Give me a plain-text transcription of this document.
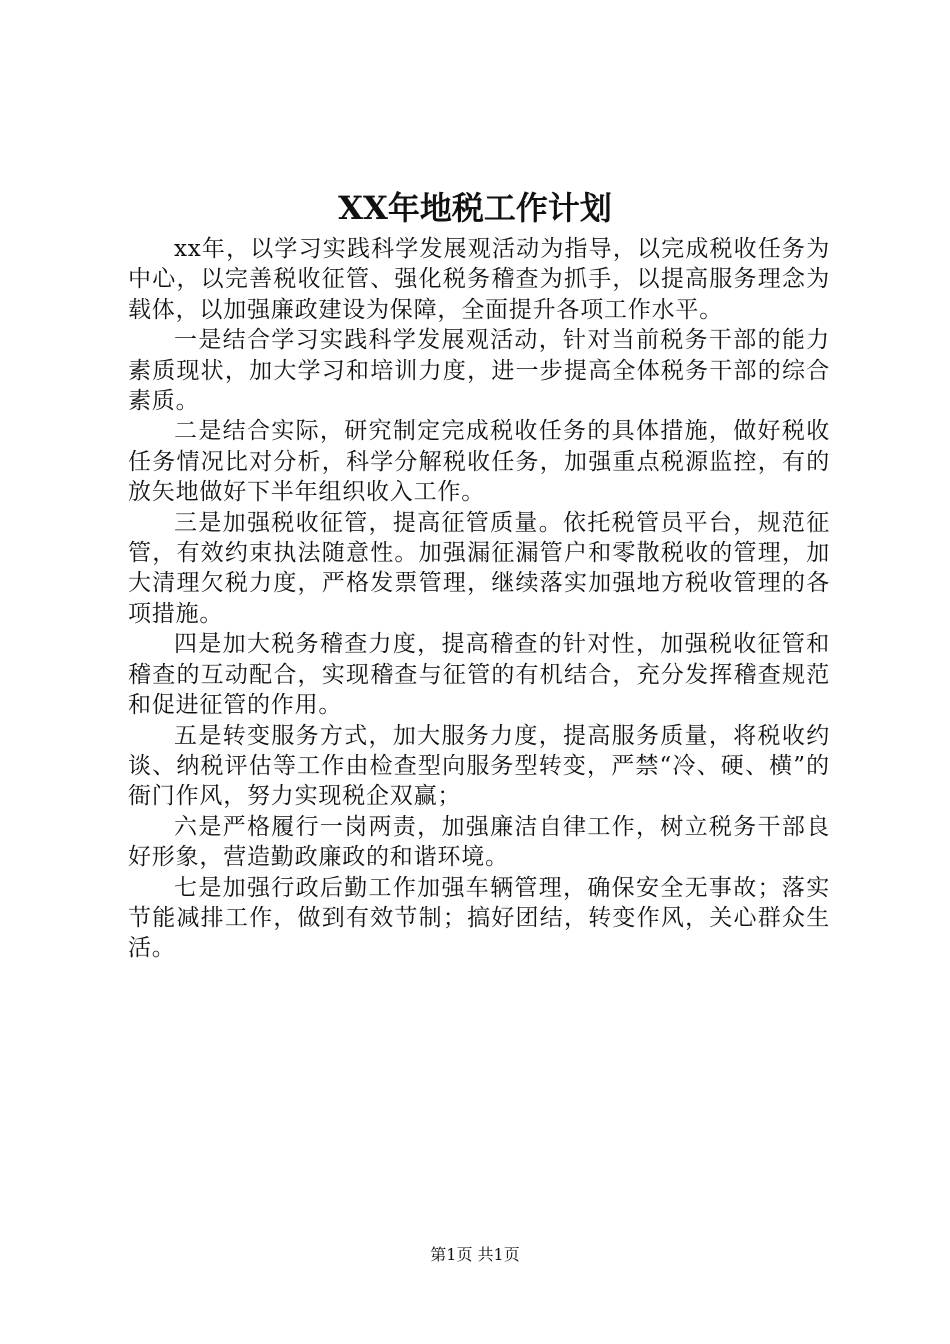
XX年地税工作计划

xx年，以学习实践科学发展观活动为指导，以完成税收任务为中心，以完善税收征管、强化税务稽查为抓手，以提高服务理念为载体，以加强廉政建设为保障，全面提升各项工作水平。

一是结合学习实践科学发展观活动，针对当前税务干部的能力素质现状，加大学习和培训力度，进一步提高全体税务干部的综合素质。

二是结合实际，研究制定完成税收任务的具体措施，做好税收任务情况比对分析，科学分解税收任务，加强重点税源监控，有的放矢地做好下半年组织收入工作。

三是加强税收征管，提高征管质量。依托税管员平台，规范征管，有效约束执法随意性。加强漏征漏管户和零散税收的管理，加大清理欠税力度，严格发票管理，继续落实加强地方税收管理的各项措施。

四是加大税务稽查力度，提高稽查的针对性，加强税收征管和稽查的互动配合，实现稽查与征管的有机结合，充分发挥稽查规范和促进征管的作用。

五是转变服务方式，加大服务力度，提高服务质量，将税收约谈、纳税评估等工作由检查型向服务型转变，严禁“冷、硬、横”的衙门作风，努力实现税企双赢；

六是严格履行一岗两责，加强廉洁自律工作，树立税务干部良好形象，营造勤政廉政的和谐环境。

七是加强行政后勤工作加强车辆管理，确保安全无事故；落实节能减排工作，做到有效节制；搞好团结，转变作风，关心群众生活。

第1页 共1页
